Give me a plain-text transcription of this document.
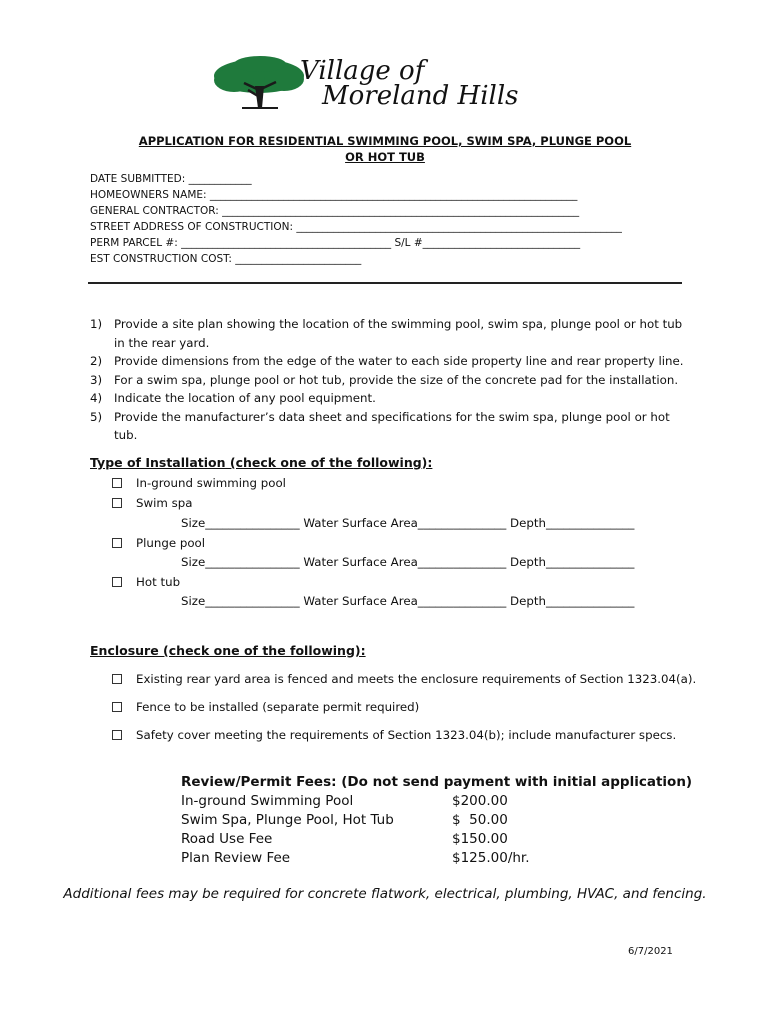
Village of
Moreland Hills
APPLICATION FOR RESIDENTIAL SWIMMING POOL, SWIM SPA, PLUNGE POOL
OR HOT TUB
DATE SUBMITTED: ____________
HOMEOWNERS NAME: ______________________________________________________________________
GENERAL CONTRACTOR: ____________________________________________________________________
STREET ADDRESS OF CONSTRUCTION: ______________________________________________________________
PERM PARCEL #: ________________________________________ S/L #______________________________
EST CONSTRUCTION COST: ________________________
1)	Provide a site plan showing the location of the swimming pool, swim spa, plunge pool or hot tub in the rear yard.
2)	Provide dimensions from the edge of the water to each side property line and rear property line.
3)	For a swim spa, plunge pool or hot tub, provide the size of the concrete pad for the installation.
4)	Indicate the location of any pool equipment.
5)	Provide the manufacturer’s data sheet and specifications for the swim spa, plunge pool or hot tub.
Type of Installation (check one of the following):
In-ground swimming pool
Swim spa
Size________________ Water Surface Area_______________ Depth_______________
Plunge pool
Size________________ Water Surface Area_______________ Depth_______________
Hot tub
Size________________ Water Surface Area_______________ Depth_______________
Enclosure (check one of the following):
Existing rear yard area is fenced and meets the enclosure requirements of Section 1323.04(a).
Fence to be installed (separate permit required)
Safety cover meeting the requirements of Section 1323.04(b); include manufacturer specs.
Review/Permit Fees: (Do not send payment with initial application)
In-ground Swimming Pool	$200.00
Swim Spa, Plunge Pool, Hot Tub	$  50.00
Road Use Fee	$150.00
Plan Review Fee	$125.00/hr.
Additional fees may be required for concrete flatwork, electrical, plumbing, HVAC, and fencing.
6/7/2021
